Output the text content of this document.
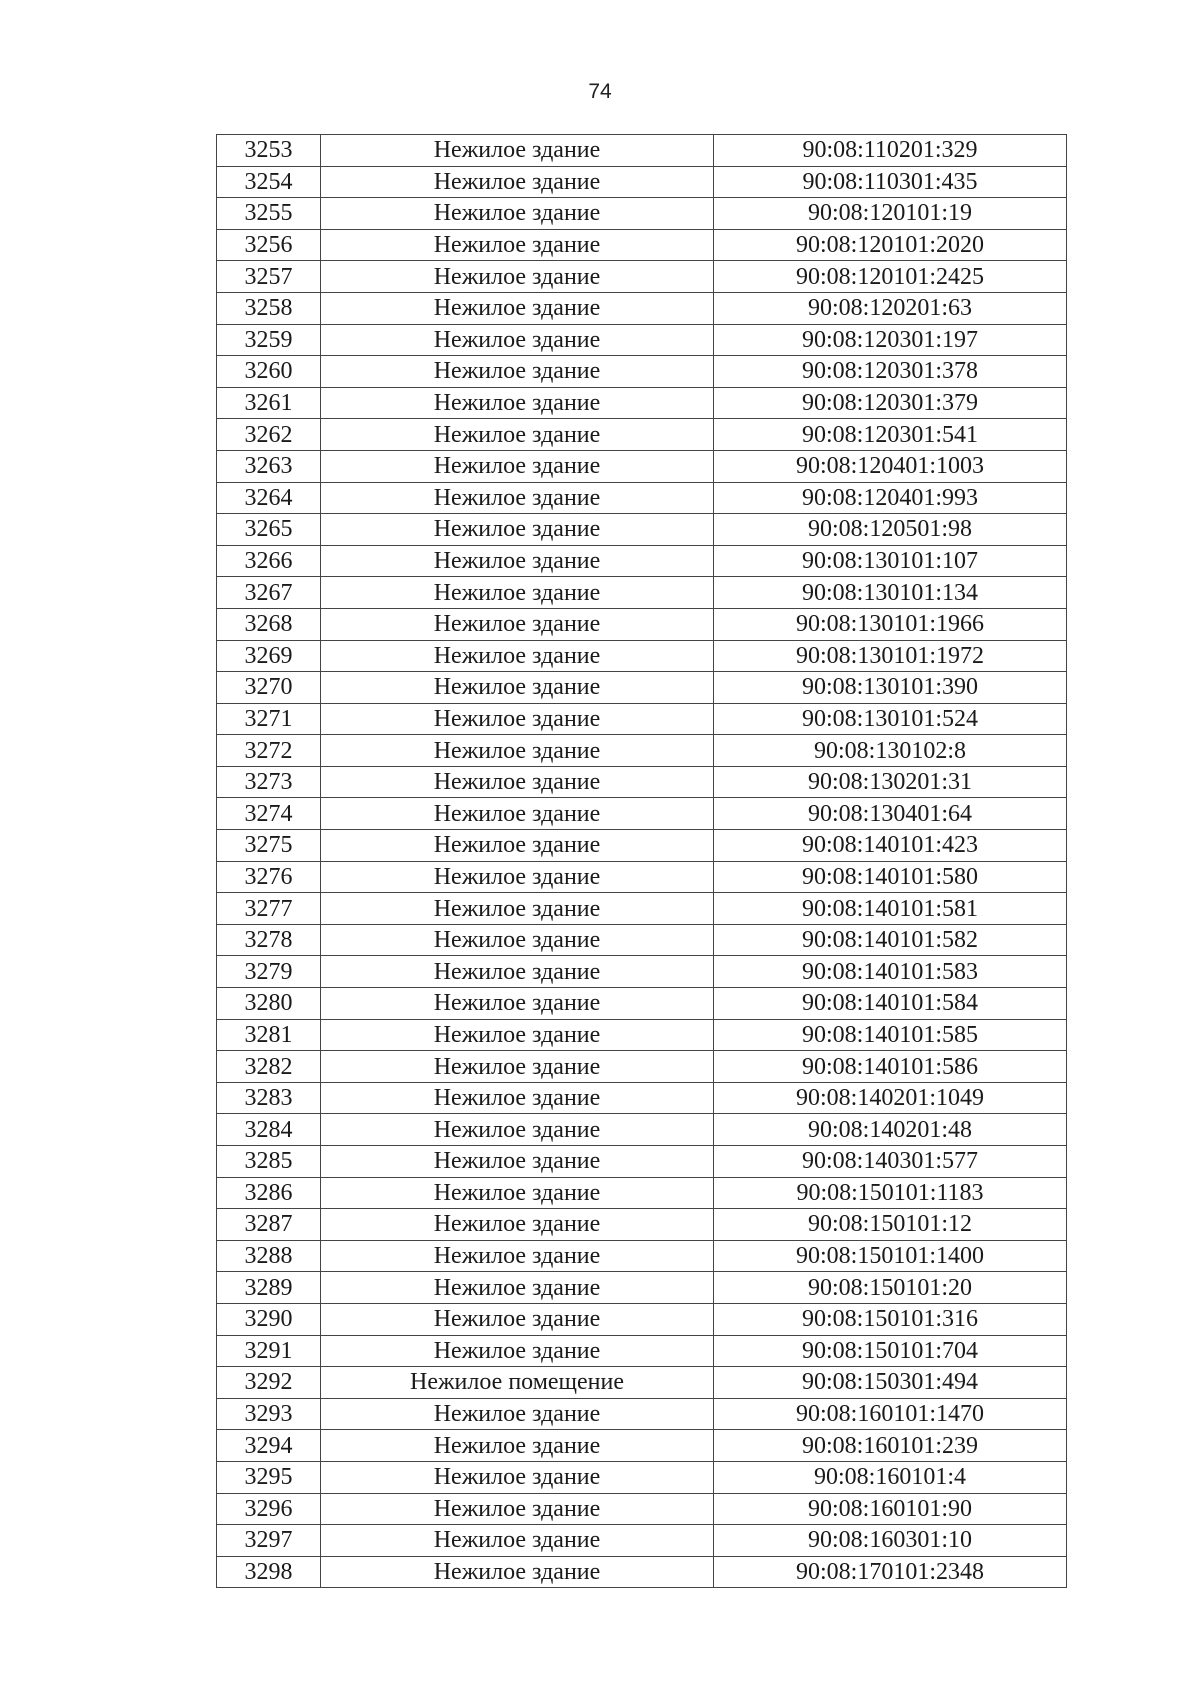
74
3253	Нежилое здание	90:08:110201:329
3254	Нежилое здание	90:08:110301:435
3255	Нежилое здание	90:08:120101:19
3256	Нежилое здание	90:08:120101:2020
3257	Нежилое здание	90:08:120101:2425
3258	Нежилое здание	90:08:120201:63
3259	Нежилое здание	90:08:120301:197
3260	Нежилое здание	90:08:120301:378
3261	Нежилое здание	90:08:120301:379
3262	Нежилое здание	90:08:120301:541
3263	Нежилое здание	90:08:120401:1003
3264	Нежилое здание	90:08:120401:993
3265	Нежилое здание	90:08:120501:98
3266	Нежилое здание	90:08:130101:107
3267	Нежилое здание	90:08:130101:134
3268	Нежилое здание	90:08:130101:1966
3269	Нежилое здание	90:08:130101:1972
3270	Нежилое здание	90:08:130101:390
3271	Нежилое здание	90:08:130101:524
3272	Нежилое здание	90:08:130102:8
3273	Нежилое здание	90:08:130201:31
3274	Нежилое здание	90:08:130401:64
3275	Нежилое здание	90:08:140101:423
3276	Нежилое здание	90:08:140101:580
3277	Нежилое здание	90:08:140101:581
3278	Нежилое здание	90:08:140101:582
3279	Нежилое здание	90:08:140101:583
3280	Нежилое здание	90:08:140101:584
3281	Нежилое здание	90:08:140101:585
3282	Нежилое здание	90:08:140101:586
3283	Нежилое здание	90:08:140201:1049
3284	Нежилое здание	90:08:140201:48
3285	Нежилое здание	90:08:140301:577
3286	Нежилое здание	90:08:150101:1183
3287	Нежилое здание	90:08:150101:12
3288	Нежилое здание	90:08:150101:1400
3289	Нежилое здание	90:08:150101:20
3290	Нежилое здание	90:08:150101:316
3291	Нежилое здание	90:08:150101:704
3292	Нежилое помещение	90:08:150301:494
3293	Нежилое здание	90:08:160101:1470
3294	Нежилое здание	90:08:160101:239
3295	Нежилое здание	90:08:160101:4
3296	Нежилое здание	90:08:160101:90
3297	Нежилое здание	90:08:160301:10
3298	Нежилое здание	90:08:170101:2348
